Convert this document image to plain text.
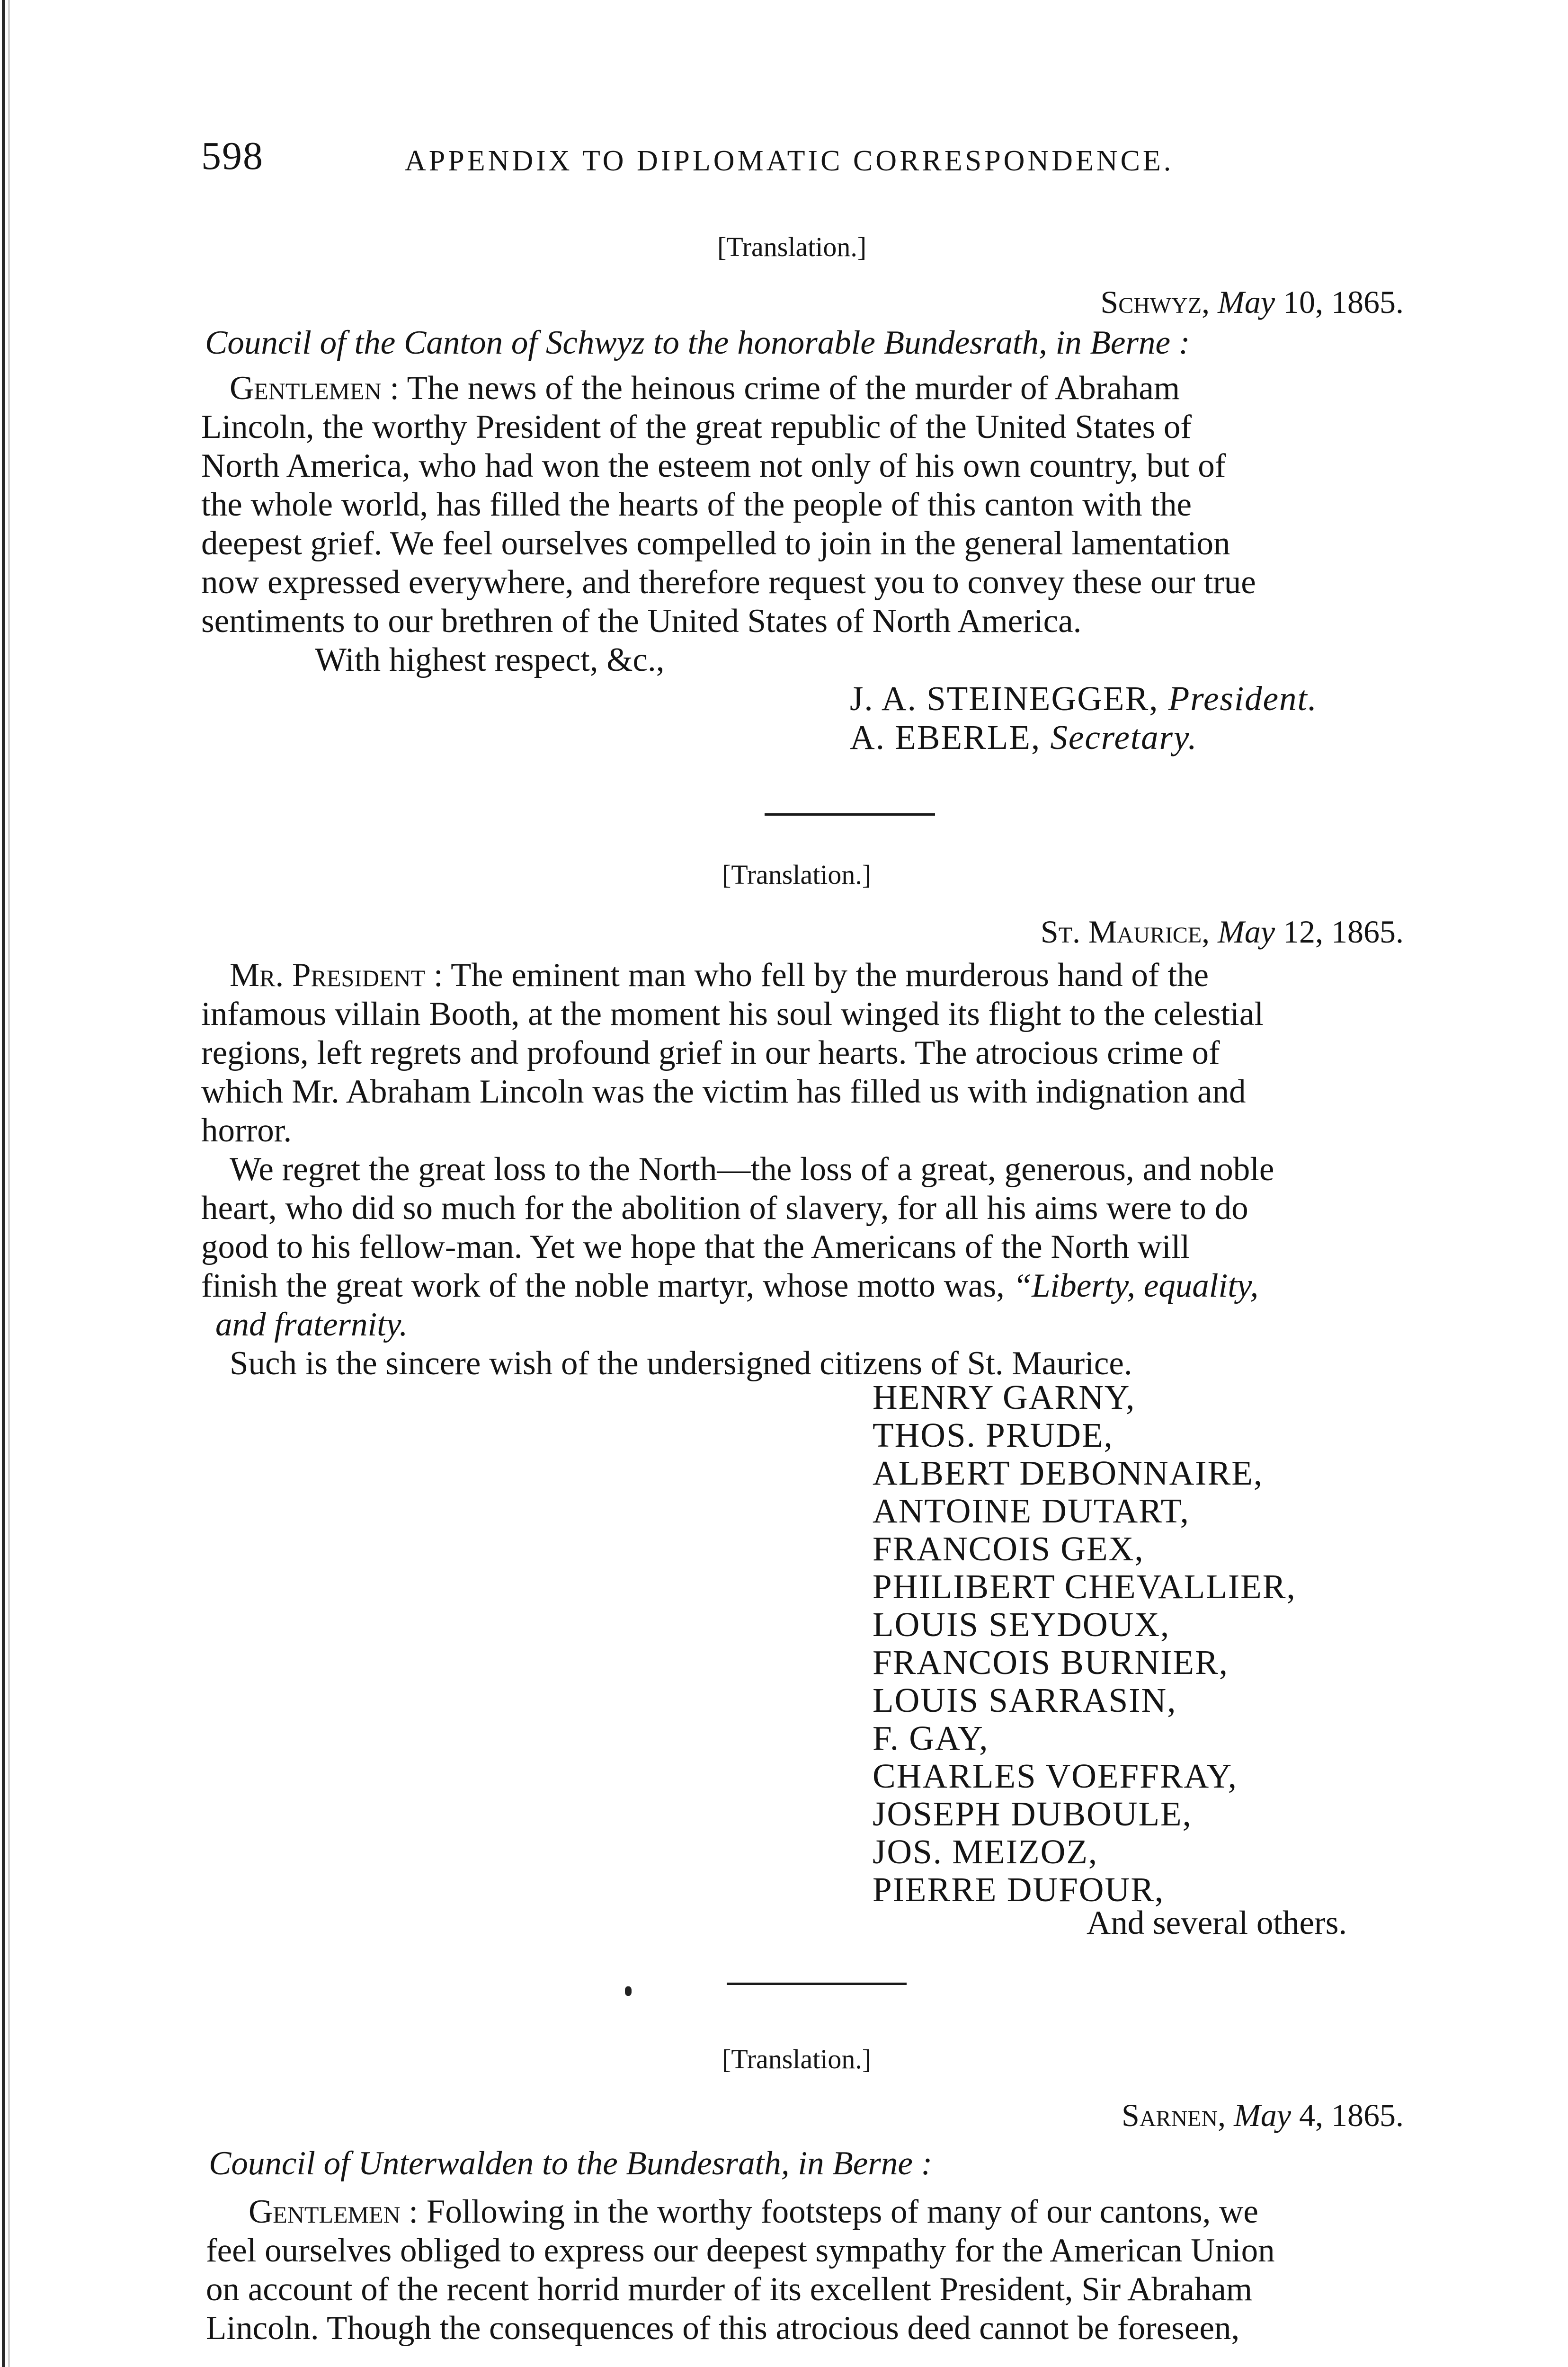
598	APPENDIX TO DIPLOMATIC CORRESPONDENCE.
[Translation.]
Schwyz, May 10, 1865.
Council of the Canton of Schwyz to the honorable Bundesrath, in Berne :
Gentlemen : The news of the heinous crime of the murder of Abraham
Lincoln, the worthy President of the great republic of the United States of
North America, who had won the esteem not only of his own country, but of
the whole world, has filled the hearts of the people of this canton with the
deepest grief. We feel ourselves compelled to join in the general lamentation
now expressed everywhere, and therefore request you to convey these our true
sentiments to our brethren of the United States of North America.
With highest respect, &c.,
J. A. STEINEGGER, President.
A. EBERLE, Secretary.
[Translation.]
St. Maurice, May 12, 1865.
Mr. President : The eminent man who fell by the murderous hand of the
infamous villain Booth, at the moment his soul winged its flight to the celestial
regions, left regrets and profound grief in our hearts. The atrocious crime of
which Mr. Abraham Lincoln was the victim has filled us with indignation and
horror.
We regret the great loss to the North—the loss of a great, generous, and noble
heart, who did so much for the abolition of slavery, for all his aims were to do
good to his fellow-man. Yet we hope that the Americans of the North will
finish the great work of the noble martyr, whose motto was, “Liberty, equality,
and fraternity.
Such is the sincere wish of the undersigned citizens of St. Maurice.
HENRY GARNY,
THOS. PRUDE,
ALBERT DEBONNAIRE,
ANTOINE DUTART,
FRANCOIS GEX,
PHILIBERT CHEVALLIER,
LOUIS SEYDOUX,
FRANCOIS BURNIER,
LOUIS SARRASIN,
F. GAY,
CHARLES VOEFFRAY,
JOSEPH DUBOULE,
JOS. MEIZOZ,
PIERRE DUFOUR,
And several others.
[Translation.]
Sarnen, May 4, 1865.
Council of Unterwalden to the Bundesrath, in Berne :
Gentlemen : Following in the worthy footsteps of many of our cantons, we
feel ourselves obliged to express our deepest sympathy for the American Union
on account of the recent horrid murder of its excellent President, Sir Abraham
Lincoln. Though the consequences of this atrocious deed cannot be foreseen,
